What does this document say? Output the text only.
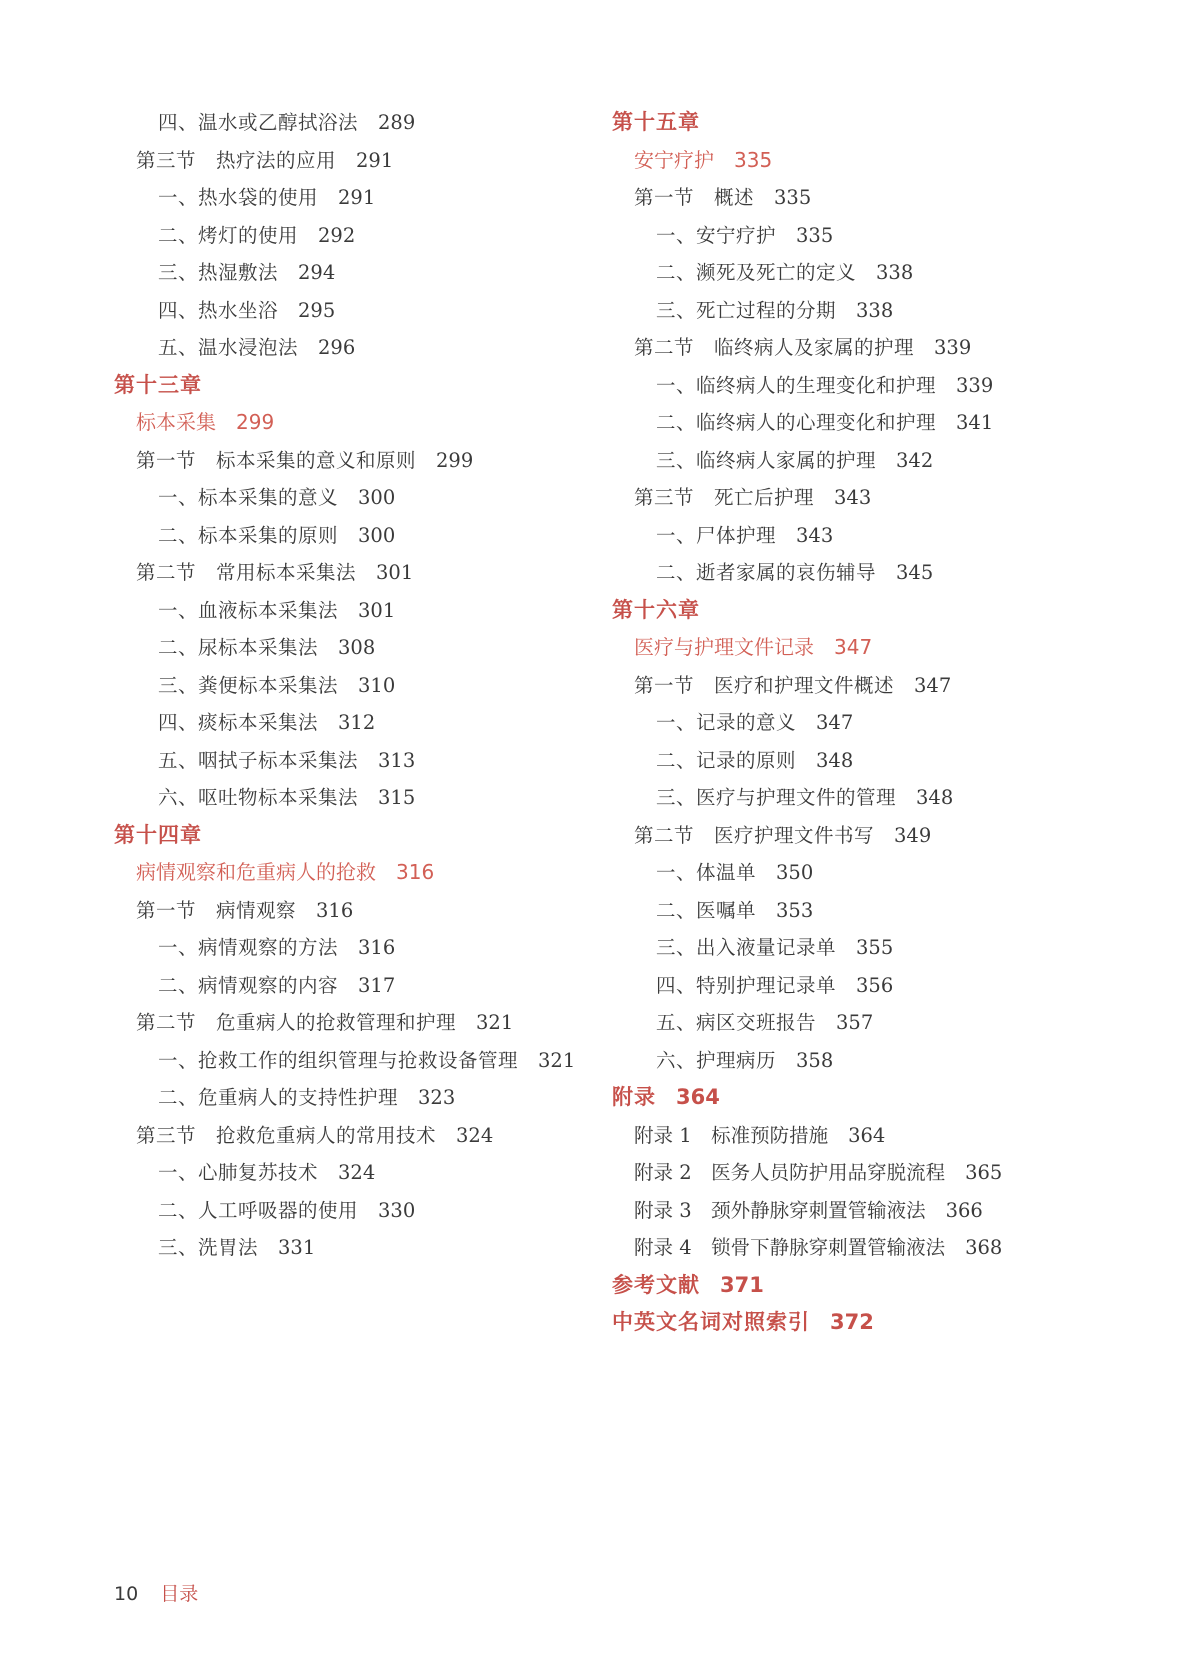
四、温水或乙醇拭浴法 289
第三节　热疗法的应用 291
一、热水袋的使用 291
二、烤灯的使用 292
三、热湿敷法 294
四、热水坐浴 295
五、温水浸泡法 296
第十三章
标本采集 299
第一节　标本采集的意义和原则 299
一、标本采集的意义 300
二、标本采集的原则 300
第二节　常用标本采集法 301
一、血液标本采集法 301
二、尿标本采集法 308
三、粪便标本采集法 310
四、痰标本采集法 312
五、咽拭子标本采集法 313
六、呕吐物标本采集法 315
第十四章
病情观察和危重病人的抢救 316
第一节　病情观察 316
一、病情观察的方法 316
二、病情观察的内容 317
第二节　危重病人的抢救管理和护理 321
一、抢救工作的组织管理与抢救设备管理 321
二、危重病人的支持性护理 323
第三节　抢救危重病人的常用技术 324
一、心肺复苏技术 324
二、人工呼吸器的使用 330
三、洗胃法 331
第十五章
安宁疗护 335
第一节　概述 335
一、安宁疗护 335
二、濒死及死亡的定义 338
三、死亡过程的分期 338
第二节　临终病人及家属的护理 339
一、临终病人的生理变化和护理 339
二、临终病人的心理变化和护理 341
三、临终病人家属的护理 342
第三节　死亡后护理 343
一、尸体护理 343
二、逝者家属的哀伤辅导 345
第十六章
医疗与护理文件记录 347
第一节　医疗和护理文件概述 347
一、记录的意义 347
二、记录的原则 348
三、医疗与护理文件的管理 348
第二节　医疗护理文件书写 349
一、体温单 350
二、医嘱单 353
三、出入液量记录单 355
四、特别护理记录单 356
五、病区交班报告 357
六、护理病历 358
附录 364
附录 1　标准预防措施 364
附录 2　医务人员防护用品穿脱流程 365
附录 3　颈外静脉穿刺置管输液法 366
附录 4　锁骨下静脉穿刺置管输液法 368
参考文献 371
中英文名词对照索引 372
10 目录
